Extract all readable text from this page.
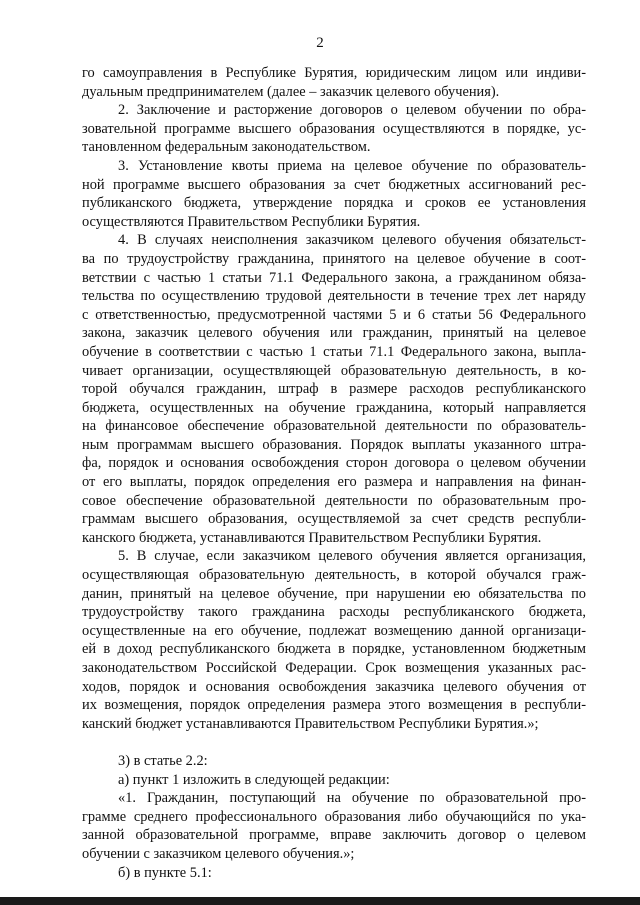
2
го самоуправления в Республике Бурятия, юридическим лицом или индиви-
дуальным предпринимателем (далее – заказчик целевого обучения).
2. Заключение и расторжение договоров о целевом обучении по обра-
зовательной программе высшего образования осуществляются в порядке, ус-
тановленном федеральным законодательством.
3. Установление квоты приема на целевое обучение по образователь-
ной программе высшего образования за счет бюджетных ассигнований рес-
публиканского бюджета, утверждение порядка и сроков ее установления
осуществляются Правительством Республики Бурятия.
4. В случаях неисполнения заказчиком целевого обучения обязательст-
ва по трудоустройству гражданина, принятого на целевое обучение в соот-
ветствии с частью 1 статьи 71.1 Федерального закона, а гражданином обяза-
тельства по осуществлению трудовой деятельности в течение трех лет наряду
с ответственностью, предусмотренной частями 5 и 6 статьи 56 Федерального
закона, заказчик целевого обучения или гражданин, принятый на целевое
обучение в соответствии с частью 1 статьи 71.1 Федерального закона, выпла-
чивает организации, осуществляющей образовательную деятельность, в ко-
торой обучался гражданин, штраф в размере расходов республиканского
бюджета, осуществленных на обучение гражданина, который направляется
на финансовое обеспечение образовательной деятельности по образователь-
ным программам высшего образования. Порядок выплаты указанного штра-
фа, порядок и основания освобождения сторон договора о целевом обучении
от его выплаты, порядок определения его размера и направления на финан-
совое обеспечение образовательной деятельности по образовательным про-
граммам высшего образования, осуществляемой за счет средств республи-
канского бюджета, устанавливаются Правительством Республики Бурятия.
5. В случае, если заказчиком целевого обучения является организация,
осуществляющая образовательную деятельность, в которой обучался граж-
данин, принятый на целевое обучение, при нарушении ею обязательства по
трудоустройству такого гражданина расходы республиканского бюджета,
осуществленные на его обучение, подлежат возмещению данной организаци-
ей в доход республиканского бюджета в порядке, установленном бюджетным
законодательством Российской Федерации. Срок возмещения указанных рас-
ходов, порядок и основания освобождения заказчика целевого обучения от
их возмещения, порядок определения размера этого возмещения в республи-
канский бюджет устанавливаются Правительством Республики Бурятия.»;
3) в статье 2.2:
а) пункт 1 изложить в следующей редакции:
«1. Гражданин, поступающий на обучение по образовательной про-
грамме среднего профессионального образования либо обучающийся по ука-
занной образовательной программе, вправе заключить договор о целевом
обучении с заказчиком целевого обучения.»;
б) в пункте 5.1:
